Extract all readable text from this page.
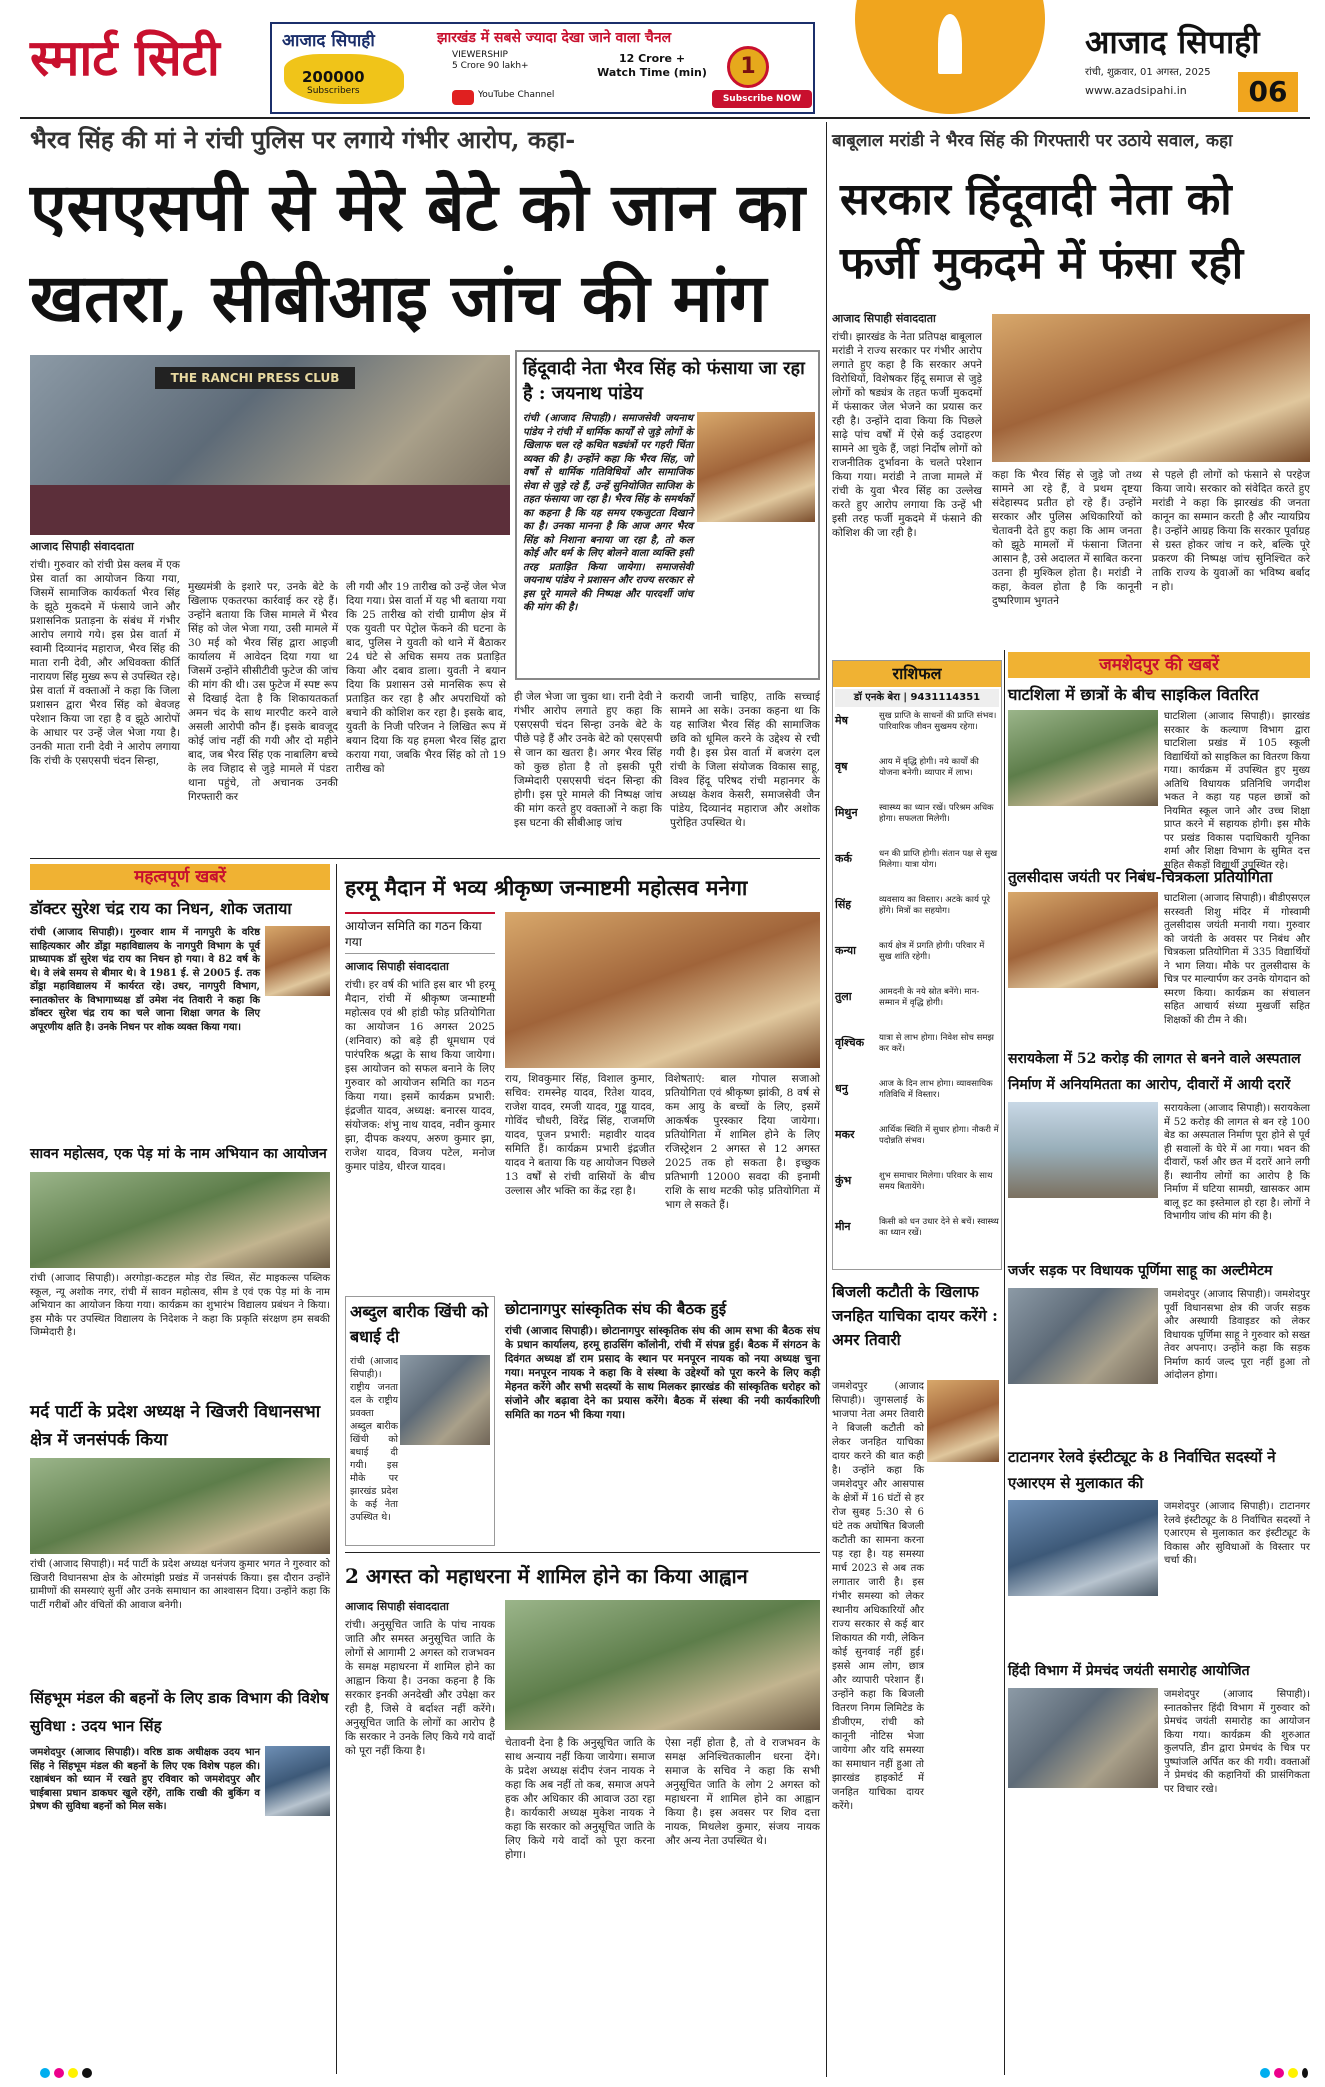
स्मार्ट सिटी	आजाद सिपाही	झारखंड में सबसे ज्यादा देखा जाने वाला चैनल
200000
Subscribers
VIEWERSHIP
5 Crore 90 lakh+
12 Crore +
Watch Time (min)
YouTube Channel
1
Subscribe NOW
आजाद सिपाही
रांची, शुक्रवार, 01 अगस्त, 2025
www.azadsipahi.in	06
भैरव सिंह की मां ने रांची पुलिस पर लगाये गंभीर आरोप, कहा-
एसएसपी से मेरे बेटे को जान का
खतरा, सीबीआइ जांच की मांग
THE RANCHI PRESS CLUB
आजाद सिपाही संवाददाता

रांची। गुरुवार को रांची प्रेस क्लब में एक प्रेस वार्ता का आयोजन किया गया, जिसमें सामाजिक कार्यकर्ता भैरव सिंह के झूठे मुकदमे में फंसाये जाने और प्रशासनिक प्रताड़ना के संबंध में गंभीर आरोप लगाये गये। इस प्रेस वार्ता में स्वामी दिव्यानंद महाराज, भैरव सिंह की माता रानी देवी, और अधिवक्ता कीर्ति नारायण सिंह मुख्य रूप से उपस्थित रहे। प्रेस वार्ता में वक्ताओं ने कहा कि जिला प्रशासन द्वारा भैरव सिंह को बेवजह परेशान किया जा रहा है व झूठे आरोपों के आधार पर उन्हें जेल भेजा गया है। उनकी माता रानी देवी ने आरोप लगाया कि रांची के एसएसपी चंदन सिन्हा,

मुख्यमंत्री के इशारे पर, उनके बेटे के खिलाफ एकतरफा कार्रवाई कर रहे हैं। उन्होंने बताया कि जिस मामले में भैरव सिंह को जेल भेजा गया, उसी मामले में 30 मई को भैरव सिंह द्वारा आइजी कार्यालय में आवेदन दिया गया था जिसमें उन्होंने सीसीटीवी फुटेज की जांच की मांग की थी। उस फुटेज में स्पष्ट रूप से दिखाई देता है कि शिकायतकर्ता अमन चंद के साथ मारपीट करने वाले असली आरोपी कौन हैं। इसके बावजूद कोई जांच नहीं की गयी और दो महीने बाद, जब भैरव सिंह एक नाबालिग बच्चे के लव जिहाद से जुड़े मामले में पंडरा थाना पहुंचे, तो अचानक उनकी गिरफ्तारी कर

ली गयी और 19 तारीख को उन्हें जेल भेज दिया गया। प्रेस वार्ता में यह भी बताया गया कि 25 तारीख को रांची ग्रामीण क्षेत्र में एक युवती पर पेट्रोल फेंकने की घटना के बाद, पुलिस ने युवती को थाने में बैठाकर 24 घंटे से अधिक समय तक प्रताड़ित किया और दबाव डाला। युवती ने बयान दिया कि प्रशासन उसे मानसिक रूप से प्रताड़ित कर रहा है और अपराधियों को बचाने की कोशिश कर रहा है। इसके बाद, युवती के निजी परिजन ने लिखित रूप में बयान दिया कि यह हमला भैरव सिंह द्वारा कराया गया, जबकि भैरव सिंह को तो 19 तारीख को

ही जेल भेजा जा चुका था। रानी देवी ने गंभीर आरोप लगाते हुए कहा कि एसएसपी चंदन सिन्हा उनके बेटे के पीछे पड़े हैं और उनके बेटे को एसएसपी से जान का खतरा है। अगर भैरव सिंह को कुछ होता है तो इसकी पूरी जिम्मेदारी एसएसपी चंदन सिन्हा की होगी। इस पूरे मामले की निष्पक्ष जांच की मांग करते हुए वक्ताओं ने कहा कि इस घटना की सीबीआइ जांच

करायी जानी चाहिए, ताकि सच्चाई सामने आ सके। उनका कहना था कि यह साजिश भैरव सिंह की सामाजिक छवि को धूमिल करने के उद्देश्य से रची गयी है। इस प्रेस वार्ता में बजरंग दल रांची के जिला संयोजक विकास साहू, विश्व हिंदू परिषद रांची महानगर के अध्यक्ष केशव केसरी, समाजसेवी जैन पांडेय, दिव्यानंद महाराज और अशोक पुरोहित उपस्थित थे।

हिंदूवादी नेता भैरव सिंह को फंसाया जा रहा है : जयनाथ पांडेय
रांची (आजाद सिपाही)। समाजसेवी जयनाथ पांडेय ने रांची में धार्मिक कार्यों से जुड़े लोगों के खिलाफ चल रहे कथित षड्यंत्रों पर गहरी चिंता व्यक्त की है। उन्होंने कहा कि भैरव सिंह, जो वर्षों से धार्मिक गतिविधियों और सामाजिक सेवा से जुड़े रहे हैं, उन्हें सुनियोजित साजिश के तहत फंसाया जा रहा है। भैरव सिंह के समर्थकों का कहना है कि यह समय एकजुटता दिखाने का है। उनका मानना है कि आज अगर भैरव सिंह को निशाना बनाया जा रहा है, तो कल कोई और धर्म के लिए बोलने वाला व्यक्ति इसी तरह प्रताड़ित किया जायेगा। समाजसेवी जयनाथ पांडेय ने प्रशासन और राज्य सरकार से इस पूरे मामले की निष्पक्ष और पारदर्शी जांच की मांग की है।
बाबूलाल मरांडी ने भैरव सिंह की गिरफ्तारी पर उठाये सवाल, कहा
सरकार हिंदूवादी नेता को
फर्जी मुकदमे में फंसा रही
आजाद सिपाही संवाददाता

रांची। झारखंड के नेता प्रतिपक्ष बाबूलाल मरांडी ने राज्य सरकार पर गंभीर आरोप लगाते हुए कहा है कि सरकार अपने विरोधियों, विशेषकर हिंदू समाज से जुड़े लोगों को षड्यंत्र के तहत फर्जी मुकदमों में फंसाकर जेल भेजने का प्रयास कर रही है। उन्होंने दावा किया कि पिछले साढ़े पांच वर्षों में ऐसे कई उदाहरण सामने आ चुके हैं, जहां निर्दोष लोगों को राजनीतिक दुर्भावना के चलते परेशान किया गया। मरांडी ने ताजा मामले में रांची के युवा भैरव सिंह का उल्लेख करते हुए आरोप लगाया कि उन्हें भी इसी तरह फर्जी मुकदमे में फंसाने की कोशिश की जा रही है।

कहा कि भैरव सिंह से जुड़े जो तथ्य सामने आ रहे हैं, वे प्रथम दृष्टया संदेहास्पद प्रतीत हो रहे हैं। उन्होंने सरकार और पुलिस अधिकारियों को चेतावनी देते हुए कहा कि आम जनता को झूठे मामलों में फंसाना जितना आसान है, उसे अदालत में साबित करना उतना ही मुश्किल होता है। मरांडी ने कहा, केवल होता है कि कानूनी दुष्परिणाम भुगतने

से पहले ही लोगों को फंसाने से परहेज किया जाये। सरकार को संवेदित करते हुए मरांडी ने कहा कि झारखंड की जनता कानून का सम्मान करती है और न्यायप्रिय है। उन्होंने आग्रह किया कि सरकार पूर्वाग्रह से ग्रस्त होकर जांच न करे, बल्कि पूरे प्रकरण की निष्पक्ष जांच सुनिश्चित करे ताकि राज्य के युवाओं का भविष्य बर्बाद न हो।

राशिफल
डॉ एनके बेरा | 9431114351
मेष	सुख प्राप्ति के साधनों की प्राप्ति संभव। पारिवारिक जीवन सुखमय रहेगा।
वृष	आय में वृद्धि होगी। नये कार्यों की योजना बनेगी। व्यापार में लाभ।
मिथुन	स्वास्थ्य का ध्यान रखें। परिश्रम अधिक होगा। सफलता मिलेगी।
कर्क	धन की प्राप्ति होगी। संतान पक्ष से सुख मिलेगा। यात्रा योग।
सिंह	व्यवसाय का विस्तार। अटके कार्य पूरे होंगे। मित्रों का सहयोग।
कन्या	कार्य क्षेत्र में प्रगति होगी। परिवार में सुख शांति रहेगी।
तुला	आमदनी के नये स्रोत बनेंगे। मान-सम्मान में वृद्धि होगी।
वृश्चिक	यात्रा से लाभ होगा। निवेश सोच समझ कर करें।
धनु	आज के दिन लाभ होगा। व्यावसायिक गतिविधि में विस्तार।
मकर	आर्थिक स्थिति में सुधार होगा। नौकरी में पदोन्नति संभव।
कुंभ	शुभ समाचार मिलेगा। परिवार के साथ समय बितायेंगे।
मीन	किसी को धन उधार देने से बचें। स्वास्थ्य का ध्यान रखें।
बिजली कटौती के खिलाफ जनहित याचिका दायर करेंगे : अमर तिवारी
जमशेदपुर (आजाद सिपाही)। जुगसलाई के भाजपा नेता अमर तिवारी ने बिजली कटौती को लेकर जनहित याचिका दायर करने की बात कही है। उन्होंने कहा कि जमशेदपुर और आसपास के क्षेत्रों में 16 घंटों से हर रोज सुबह 5:30 से 6 घंटे तक अघोषित बिजली कटौती का सामना करना पड़ रहा है। यह समस्या मार्च 2023 से अब तक लगातार जारी है। इस गंभीर समस्या को लेकर स्थानीय अधिकारियों और राज्य सरकार से कई बार शिकायत की गयी, लेकिन कोई सुनवाई नहीं हुई। इससे आम लोग, छात्र और व्यापारी परेशान हैं। उन्होंने कहा कि बिजली वितरण निगम लिमिटेड के डीजीएम, रांची को कानूनी नोटिस भेजा जायेगा और यदि समस्या का समाधान नहीं हुआ तो झारखंड हाइकोर्ट में जनहित याचिका दायर करेंगे।
जमशेदपुर की खबरें
घाटशिला में छात्रों के बीच साइकिल वितरित
घाटशिला (आजाद सिपाही)। झारखंड सरकार के कल्याण विभाग द्वारा घाटशिला प्रखंड में 105 स्कूली विद्यार्थियों को साइकिल का वितरण किया गया। कार्यक्रम में उपस्थित हुए मुख्य अतिथि विधायक प्रतिनिधि जगदीश भकत ने कहा यह पहल छात्रों को नियमित स्कूल जाने और उच्च शिक्षा प्राप्त करने में सहायक होगी। इस मौके पर प्रखंड विकास पदाधिकारी यूनिका शर्मा और शिक्षा विभाग के सुमित दत्त सहित सैकड़ों विद्यार्थी उपस्थित रहे।
तुलसीदास जयंती पर निबंध-चित्रकला प्रतियोगिता
घाटशिला (आजाद सिपाही)। बीडीएसएल सरस्वती शिशु मंदिर में गोस्वामी तुलसीदास जयंती मनायी गया। गुरुवार को जयंती के अवसर पर निबंध और चित्रकला प्रतियोगिता में 335 विद्यार्थियों ने भाग लिया। मौके पर तुलसीदास के चित्र पर माल्यार्पण कर उनके योगदान को स्मरण किया। कार्यक्रम का संचालन सहित आचार्य संध्या मुखर्जी सहित शिक्षकों की टीम ने की।
सरायकेला में 52 करोड़ की लागत से बनने वाले अस्पताल निर्माण में अनियमितता का आरोप, दीवारों में आयी दरारें
सरायकेला (आजाद सिपाही)। सरायकेला में 52 करोड़ की लागत से बन रहे 100 बेड का अस्पताल निर्माण पूरा होने से पूर्व ही सवालों के घेरे में आ गया। भवन की दीवारों, फर्श और छत में दरारें आने लगी हैं। स्थानीय लोगों का आरोप है कि निर्माण में घटिया सामग्री, खासकर आम बालू इट का इस्तेमाल हो रहा है। लोगों ने विभागीय जांच की मांग की है।
जर्जर सड़क पर विधायक पूर्णिमा साहू का अल्टीमेटम
जमशेदपुर (आजाद सिपाही)। जमशेदपुर पूर्वी विधानसभा क्षेत्र की जर्जर सड़क और अस्थायी डिवाइडर को लेकर विधायक पूर्णिमा साहू ने गुरुवार को सख्त तेवर अपनाए। उन्होंने कहा कि सड़क निर्माण कार्य जल्द पूरा नहीं हुआ तो आंदोलन होगा।
टाटानगर रेलवे इंस्टीट्यूट के 8 निर्वाचित सदस्यों ने एआरएम से मुलाकात की
जमशेदपुर (आजाद सिपाही)। टाटानगर रेलवे इंस्टीट्यूट के 8 निर्वाचित सदस्यों ने एआरएम से मुलाकात कर इंस्टीट्यूट के विकास और सुविधाओं के विस्तार पर चर्चा की।
हिंदी विभाग में प्रेमचंद जयंती समारोह आयोजित
जमशेदपुर (आजाद सिपाही)। स्नातकोत्तर हिंदी विभाग में गुरुवार को प्रेमचंद जयंती समारोह का आयोजन किया गया। कार्यक्रम की शुरुआत कुलपति, डीन द्वारा प्रेमचंद के चित्र पर पुष्पांजलि अर्पित कर की गयी। वक्ताओं ने प्रेमचंद की कहानियों की प्रासंगिकता पर विचार रखे।
महत्वपूर्ण खबरें
डॉक्टर सुरेश चंद्र राय का निधन, शोक जताया
रांची (आजाद सिपाही)। गुरुवार शाम में नागपुरी के वरिष्ठ साहित्यकार और डोंड्रा महाविद्यालय के नागपुरी विभाग के पूर्व प्राध्यापक डॉ सुरेश चंद्र राय का निधन हो गया। वे 82 वर्ष के थे। वे लंबे समय से बीमार थे। वे 1981 ई. से 2005 ई. तक डोंड्रा महाविद्यालय में कार्यरत रहे। उधर, नागपुरी विभाग, स्नातकोत्तर के विभागाध्यक्ष डॉ उमेश नंद तिवारी ने कहा कि डॉक्टर सुरेश चंद्र राय का चले जाना शिक्षा जगत के लिए अपूरणीय क्षति है। उनके निधन पर शोक व्यक्त किया गया।
सावन महोत्सव, एक पेड़ मां के नाम अभियान का आयोजन
रांची (आजाद सिपाही)। अरगोड़ा-कटहल मोड़ रोड स्थित, सेंट माइकल्स पब्लिक स्कूल, न्यू अशोक नगर, रांची में सावन महोत्सव, सीम डे एवं एक पेड़ मां के नाम अभियान का आयोजन किया गया। कार्यक्रम का शुभारंभ विद्यालय प्रबंधन ने किया। इस मौके पर उपस्थित विद्यालय के निदेशक ने कहा कि प्रकृति संरक्षण हम सबकी जिम्मेदारी है।
मर्द पार्टी के प्रदेश अध्यक्ष ने खिजरी विधानसभा क्षेत्र में जनसंपर्क किया
रांची (आजाद सिपाही)। मर्द पार्टी के प्रदेश अध्यक्ष धनंजय कुमार भगत ने गुरुवार को खिजरी विधानसभा क्षेत्र के ओरमांझी प्रखंड में जनसंपर्क किया। इस दौरान उन्होंने ग्रामीणों की समस्याएं सुनीं और उनके समाधान का आश्वासन दिया। उन्होंने कहा कि पार्टी गरीबों और वंचितों की आवाज बनेगी।
सिंहभूम मंडल की बहनों के लिए डाक विभाग की विशेष सुविधा : उदय भान सिंह
जमशेदपुर (आजाद सिपाही)। वरिष्ठ डाक अधीक्षक उदय भान सिंह ने सिंहभूम मंडल की बहनों के लिए एक विशेष पहल की। रक्षाबंधन को ध्यान में रखते हुए रविवार को जमशेदपुर और चाईबासा प्रधान डाकघर खुले रहेंगे, ताकि राखी की बुकिंग व प्रेषण की सुविधा बहनों को मिल सके।
हरमू मैदान में भव्य श्रीकृष्ण जन्माष्टमी महोत्सव मनेगा
आयोजन समिति का गठन किया गया
आजाद सिपाही संवाददाता

रांची। हर वर्ष की भांति इस बार भी हरमू मैदान, रांची में श्रीकृष्ण जन्माष्टमी महोत्सव एवं श्री हांडी फोड़ प्रतियोगिता का आयोजन 16 अगस्त 2025 (शनिवार) को बड़े ही धूमधाम एवं पारंपरिक श्रद्धा के साथ किया जायेगा। इस आयोजन को सफल बनाने के लिए गुरुवार को आयोजन समिति का गठन किया गया। इसमें कार्यक्रम प्रभारी: इंद्रजीत यादव, अध्यक्ष: बनारस यादव, संयोजक: शंभु नाथ यादव, नवीन कुमार झा, दीपक कश्यप, अरुण कुमार झा, राजेश यादव, विजय पटेल, मनोज कुमार पांडेय, धीरज यादव।

राय, शिवकुमार सिंह, विशाल कुमार, सचिव: रामस्नेह यादव, रितेश यादव, राजेश यादव, रमजी यादव, गुड्डू यादव, गोविंद चौधरी, विरेंद्र सिंह, राजमणि यादव, पूजन प्रभारी: महावीर यादव समिति हैं। कार्यक्रम प्रभारी इंद्रजीत यादव ने बताया कि यह आयोजन पिछले 13 वर्षों से रांची वासियों के बीच उल्लास और भक्ति का केंद्र रहा है।

विशेषताएं: बाल गोपाल सजाओ प्रतियोगिता एवं श्रीकृष्ण झांकी, 8 वर्ष से कम आयु के बच्चों के लिए, इसमें आकर्षक पुरस्कार दिया जायेगा। प्रतियोगिता में शामिल होने के लिए रजिस्ट्रेशन 2 अगस्त से 12 अगस्त 2025 तक हो सकता है। इच्छुक प्रतिभागी 12000 सवदा की इनामी राशि के साथ मटकी फोड़ प्रतियोगिता में भाग ले सकते हैं।

अब्दुल बारीक खिंची को बधाई दी
रांची (आजाद सिपाही)। राष्ट्रीय जनता दल के राष्ट्रीय प्रवक्ता अब्दुल बारीक खिंची को बधाई दी गयी। इस मौके पर झारखंड प्रदेश के कई नेता उपस्थित थे।
छोटानागपुर सांस्कृतिक संघ की बैठक हुई
रांची (आजाद सिपाही)। छोटानागपुर सांस्कृतिक संघ की आम सभा की बैठक संघ के प्रधान कार्यालय, हरमू हाउसिंग कॉलोनी, रांची में संपन्न हुई। बैठक में संगठन के दिवंगत अध्यक्ष डॉ राम प्रसाद के स्थान पर मनपूरन नायक को नया अध्यक्ष चुना गया। मनपूरन नायक ने कहा कि वे संस्था के उद्देश्यों को पूरा करने के लिए कड़ी मेहनत करेंगे और सभी सदस्यों के साथ मिलकर झारखंड की सांस्कृतिक धरोहर को संजोने और बढ़ावा देने का प्रयास करेंगे। बैठक में संस्था की नयी कार्यकारिणी समिति का गठन भी किया गया।
2 अगस्त को महाधरना में शामिल होने का किया आह्वान
आजाद सिपाही संवाददाता

रांची। अनुसूचित जाति के पांच नायक जाति और समस्त अनुसूचित जाति के लोगों से आगामी 2 अगस्त को राजभवन के समक्ष महाधरना में शामिल होने का आह्वान किया है। उनका कहना है कि सरकार इनकी अनदेखी और उपेक्षा कर रही है, जिसे वे बर्दाश्त नहीं करेंगे। अनुसूचित जाति के लोगों का आरोप है कि सरकार ने उनके लिए किये गये वादों को पूरा नहीं किया है।

चेतावनी देना है कि अनुसूचित जाति के साथ अन्याय नहीं किया जायेगा। समाज के प्रदेश अध्यक्ष संदीप रंजन नायक ने कहा कि अब नहीं तो कब, समाज अपने हक और अधिकार की आवाज उठा रहा है। कार्यकारी अध्यक्ष मुकेश नायक ने कहा कि सरकार को अनुसूचित जाति के लिए किये गये वादों को पूरा करना होगा।

ऐसा नहीं होता है, तो वे राजभवन के समक्ष अनिश्चितकालीन धरना देंगे। समाज के सचिव ने कहा कि सभी अनुसूचित जाति के लोग 2 अगस्त को महाधरना में शामिल होने का आह्वान किया है। इस अवसर पर शिव दत्ता नायक, मिथलेश कुमार, संजय नायक और अन्य नेता उपस्थित थे।
